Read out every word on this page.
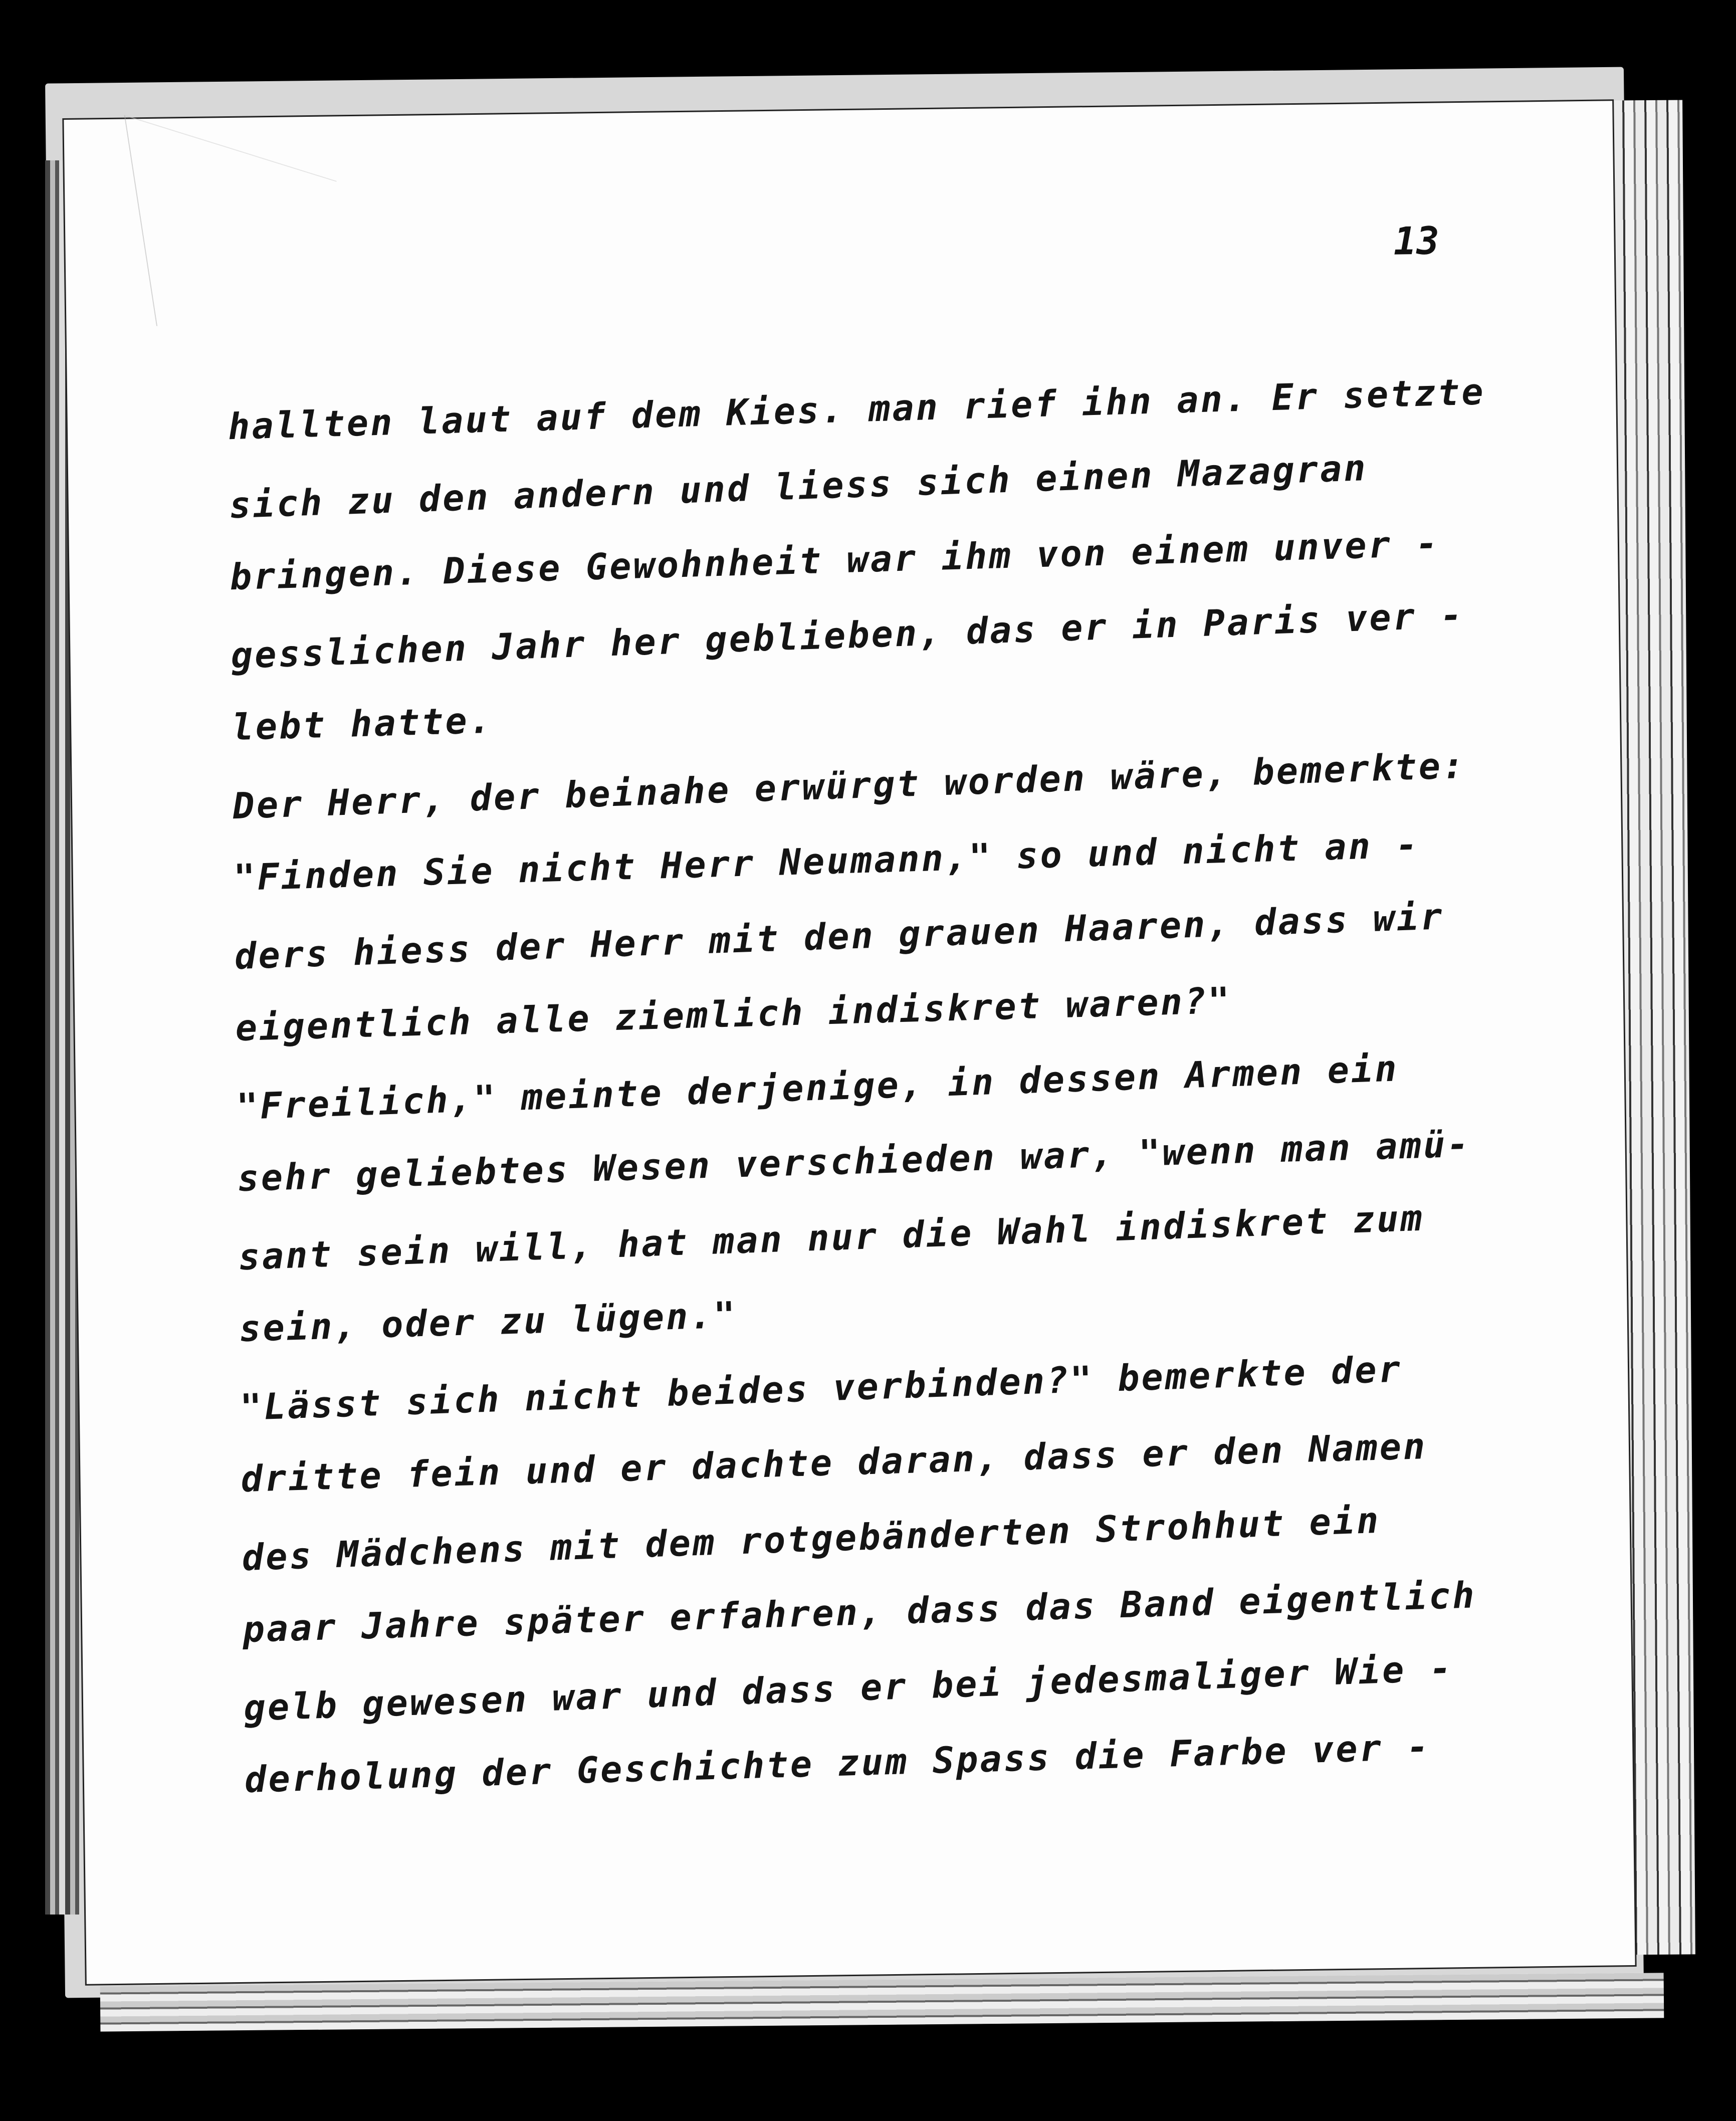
13
hallten laut auf dem Kies. man rief ihn an. Er setzte
sich zu den andern und liess sich einen Mazagran
bringen. Diese Gewohnheit war ihm von einem unver -
gesslichen Jahr her geblieben, das er in Paris ver -
lebt hatte.
Der Herr, der beinahe erwürgt worden wäre, bemerkte:
"Finden Sie nicht Herr Neumann," so und nicht an -
ders hiess der Herr mit den grauen Haaren, dass wir
eigentlich alle ziemlich indiskret waren?"
"Freilich," meinte derjenige, in dessen Armen ein
sehr geliebtes Wesen verschieden war, "wenn man amü-
sant sein will, hat man nur die Wahl indiskret zum
sein, oder zu lügen."
"Lässt sich nicht beides verbinden?" bemerkte der
dritte fein und er dachte daran, dass er den Namen
des Mädchens mit dem rotgebänderten Strohhut ein
paar Jahre später erfahren, dass das Band eigentlich
gelb gewesen war und dass er bei jedesmaliger Wie -
derholung der Geschichte zum Spass die Farbe ver -
